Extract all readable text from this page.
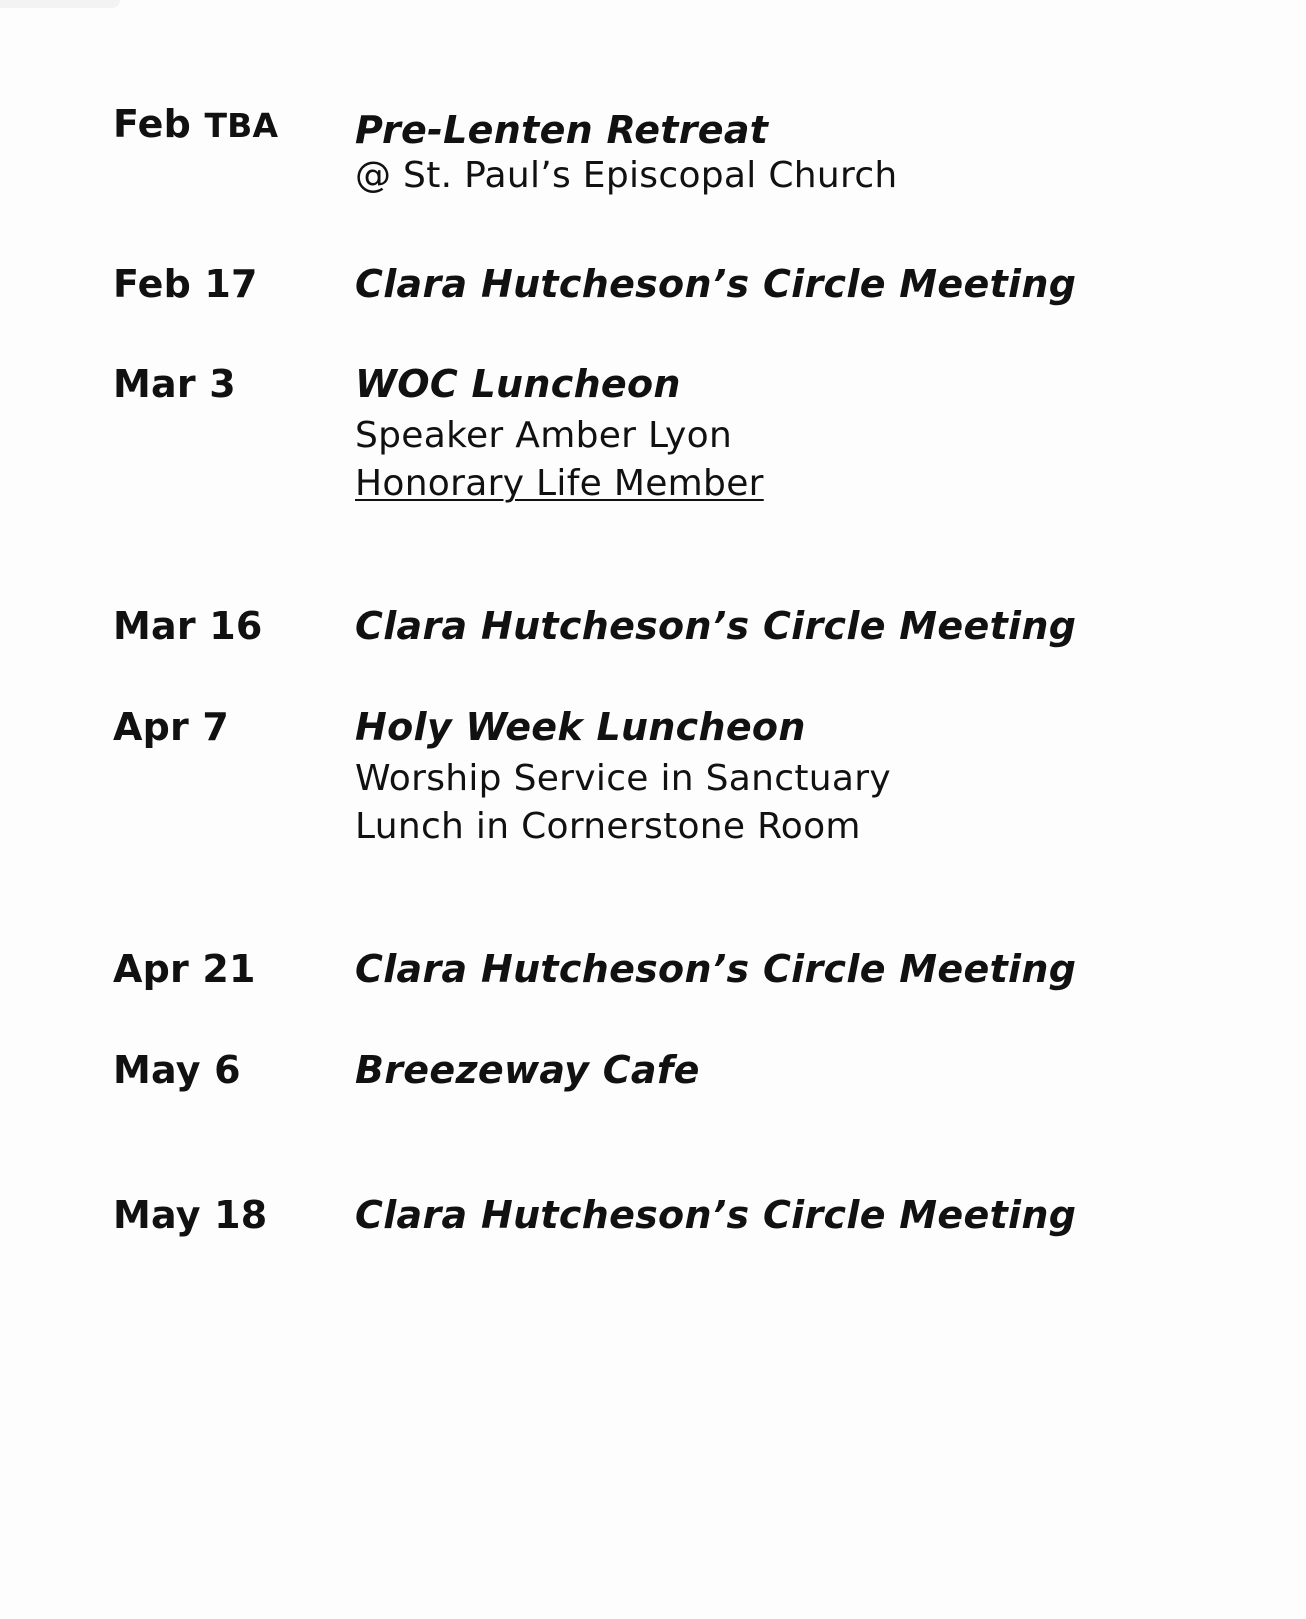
Feb TBA Pre-Lenten Retreat
@ St. Paul’s Episcopal Church
Feb 17	Clara Hutcheson’s Circle Meeting
Mar 3	WOC Luncheon
Speaker Amber Lyon
Honorary Life Member
Mar 16 Clara Hutcheson’s Circle Meeting
Apr 7	Holy Week Luncheon
Worship Service in Sanctuary
Lunch in Cornerstone Room
Apr 21	Clara Hutcheson’s Circle Meeting
May 6	Breezeway Cafe
May 18 Clara Hutcheson’s Circle Meeting
